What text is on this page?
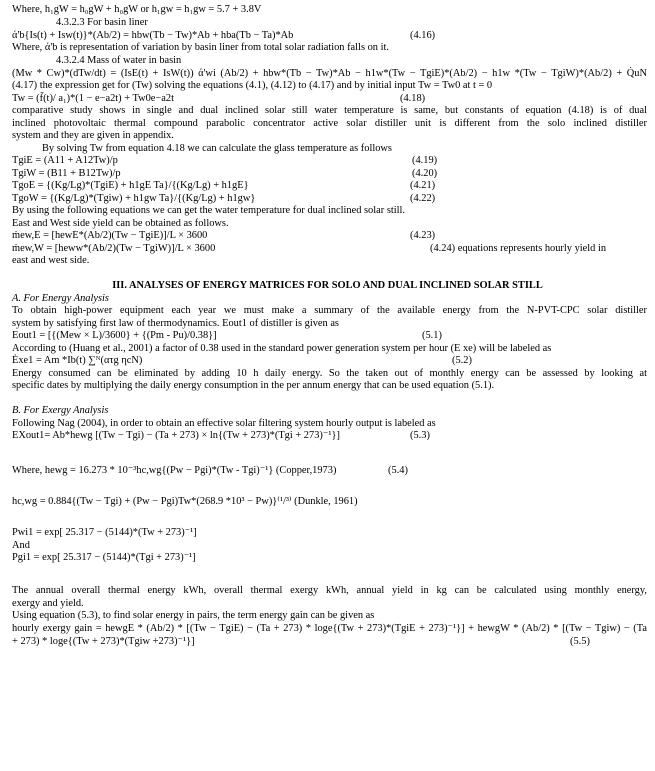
III. ANALYSES OF ENERGY MATRICES FOR SOLO AND DUAL INCLINED SOLAR STILL
Where, h₁gW = h₀gW + h₀gW or h₁gw = h₁gw = 5.7 + 3.8V
4.3.2.3 For basin liner
ά'b{Is(t) + Isw(t)}*(Ab/2) = hbw(Tb − Tw)*Ab + hba(Tb − Ta)*Ab	(4.16)
Where, ά'b is representation of variation by basin liner from total solar radiation falls on it.
4.3.2.4 Mass of water in basin
(Mw * Cw)*(dTw/dt) = (IsE(t) + IsW(t)) ά'wi (Ab/2) + hbw*(Tb − Tw)*Ab − h1w*(Tw − TgiE)*(Ab/2) − h1w *(Tw − TgiW)*(Ab/2) + Q̇uN
(4.17) the expression get for (Tw) solving the equations (4.1), (4.12) to (4.17) and by initial input Tw = Tw0 at t = 0
Tw = (f̄(t)/ a₁)*(1 − e−a2t) + Tw0e−a2t	(4.18)
comparative study shows in single and dual inclined solar still water temperature is same, but constants of equation (4.18) is of dual
inclined photovoltaic thermal compound parabolic concentrator active solar distiller unit is different from the solo inclined distiller
system and they are given in appendix.
By solving Tw from equation 4.18 we can calculate the glass temperature as follows
TgiE = (A11 + A12Tw)/p	(4.19)
TgiW = (B11 + B12Tw)/p	(4.20)
TgoE = {(Kg/Lg)*(TgiE) + h1gE Ta}/{(Kg/Lg) + h1gE}	(4.21)
TgoW = {(Kg/Lg)*(Tgiw) + h1gw Ta}/{(Kg/Lg) + h1gw}	(4.22)
By using the following equations we can get the water temperature for dual inclined solar still.
East and West side yield can be obtained as follows.
ṁew,E = [hewE*(Ab/2)(Tw − TgiE)]/L × 3600	(4.23)
ṁew,W = [heww*(Ab/2)(Tw − TgiW)]/L × 3600	(4.24) equations represents hourly yield in
east and west side.
A. For Energy Analysis
To obtain high-power equipment each year we must make a summary of the available energy from the N-PVT-CPC solar distiller
system by satisfying first law of thermodynamics. Eout1 of distiller is given as
Eout1 = [{(Mew × L)/3600} + {(Pm - Pu)/0.38}]	(5.1)
According to (Huang et al., 2001) a factor of 0.38 used in the standard power generation system per hour (E xe) will be labeled as
Ėxe1 = Am *Ib(t) ∑ᴺ(ατg ηcN)	(5.2)
Energy consumed can be eliminated by adding 10 h daily energy. So the taken out of monthly energy can be assessed by looking at
specific dates by multiplying the daily energy consumption in the per annum energy that can be used equation (5.1).
B. For Exergy Analysis
Following Nag (2004), in order to obtain an effective solar filtering system hourly output is labeled as
EXout1= Ab*hewg [(Tw − Tgi) − (Ta + 273) × ln{(Tw + 273)*(Tgi + 273)⁻¹}]	(5.3)
Where, hewg = 16.273 * 10⁻³hc,wg{(Pw − Pgi)*(Tw - Tgi)⁻¹} (Copper,1973)	(5.4)
hc,wg = 0.884{(Tw − Tgi) + (Pw − Pgi)Tw*(268.9 *10³ − Pw)}⁽¹/³⁾ (Dunkle, 1961)
Pwi1 = exp[ 25.317 − (5144)*(Tw + 273)⁻¹]
And
Pgi1 = exp[ 25.317 − (5144)*(Tgi + 273)⁻¹]
The annual overall thermal energy kWh, overall thermal exergy kWh, annual yield in kg can be calculated using monthly energy,
exergy and yield.
Using equation (5.3), to find solar energy in pairs, the term energy gain can be given as
hourly exergy gain = hewgE * (Ab/2) * [(Tw − TgiE) − (Ta + 273) * loge{(Tw + 273)*(TgiE + 273)⁻¹}] + hewgW * (Ab/2) * [(Tw − Tgiw) − (Ta
+ 273) * loge{(Tw + 273)*(Tgiw +273)⁻¹}]	(5.5)
